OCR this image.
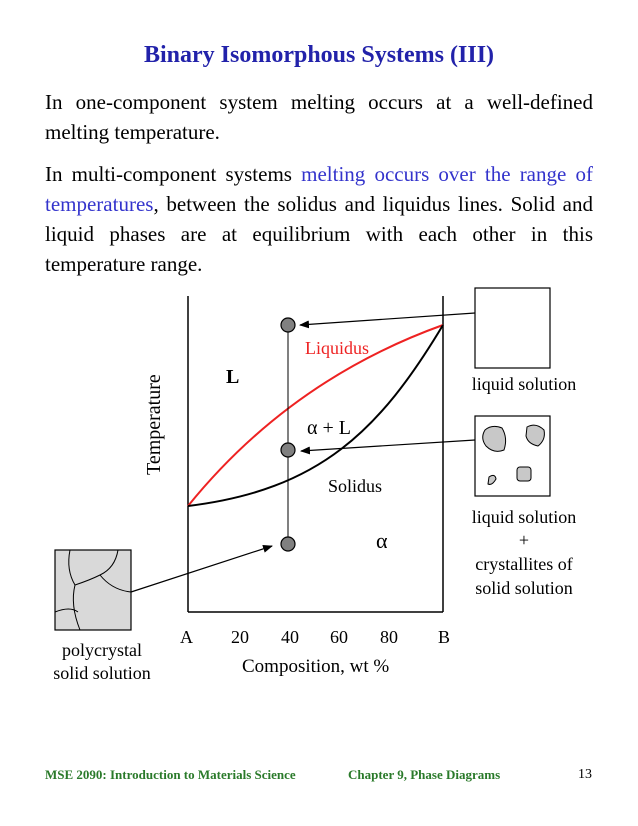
Binary Isomorphous Systems (III)
In one-component system melting occurs at a well-defined melting temperature.
In multi-component systems melting occurs over the range of temperatures, between the solidus and liquidus lines. Solid and liquid phases are at equilibrium with each other in this temperature range.
Liquidus
L
α + L
Solidus
α
Temperature
A 20 40 60 80 B
Composition, wt %
liquid solution
liquid solution
+
crystallites of
solid solution
polycrystal
solid solution
MSE 2090: Introduction to Materials Science	Chapter 9, Phase Diagrams	13
